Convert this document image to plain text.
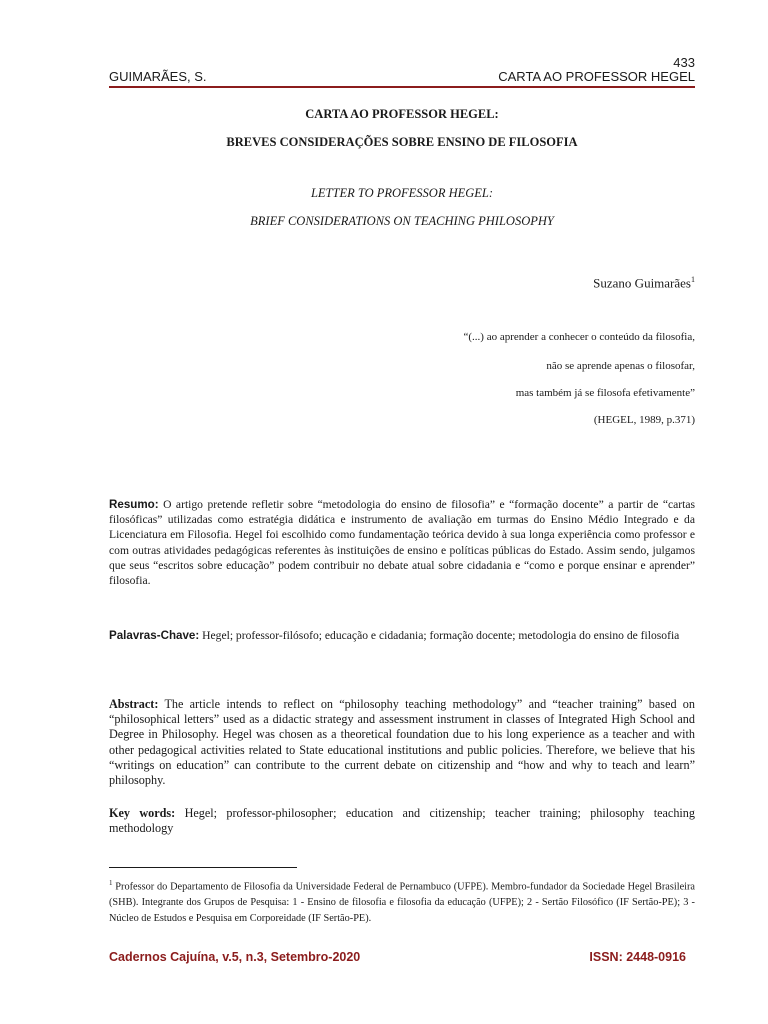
433
GUIMARÃES, S.	CARTA AO PROFESSOR HEGEL
CARTA AO PROFESSOR HEGEL:
BREVES CONSIDERAÇÕES SOBRE ENSINO DE FILOSOFIA
LETTER TO PROFESSOR HEGEL:
BRIEF CONSIDERATIONS ON TEACHING PHILOSOPHY
Suzano Guimarães$^1$
“(...) ao aprender a conhecer o conteúdo da filosofia,
não se aprende apenas o filosofar,
mas também já se filosofa efetivamente”
(HEGEL, 1989, p.371)
Resumo: O artigo pretende refletir sobre “metodologia do ensino de filosofia” e “formação docente” a partir de “cartas filosóficas” utilizadas como estratégia didática e instrumento de avaliação em turmas do Ensino Médio Integrado e da Licenciatura em Filosofia. Hegel foi escolhido como fundamentação teórica devido à sua longa experiência como professor e com outras atividades pedagógicas referentes às instituições de ensino e políticas públicas do Estado. Assim sendo, julgamos que seus “escritos sobre educação” podem contribuir no debate atual sobre cidadania e “como e porque ensinar e aprender” filosofia.
Palavras-Chave: Hegel; professor-filósofo; educação e cidadania; formação docente; metodologia do ensino de filosofia
Abstract: The article intends to reflect on “philosophy teaching methodology” and “teacher training” based on “philosophical letters” used as a didactic strategy and assessment instrument in classes of Integrated High School and Degree in Philosophy. Hegel was chosen as a theoretical foundation due to his long experience as a teacher and with other pedagogical activities related to State educational institutions and public policies. Therefore, we believe that his “writings on education” can contribute to the current debate on citizenship and “how and why to teach and learn” philosophy.
Key words: Hegel; professor-philosopher; education and citizenship; teacher training; philosophy teaching methodology
$^1$ Professor do Departamento de Filosofia da Universidade Federal de Pernambuco (UFPE). Membro-fundador da Sociedade Hegel Brasileira (SHB). Integrante dos Grupos de Pesquisa: 1 - Ensino de filosofia e filosofia da educação (UFPE); 2 - Sertão Filosófico (IF Sertão-PE); 3 - Núcleo de Estudos e Pesquisa em Corporeidade (IF Sertão-PE).
Cadernos Cajuína, v.5, n.3, Setembro-2020	ISSN: 2448-0916
